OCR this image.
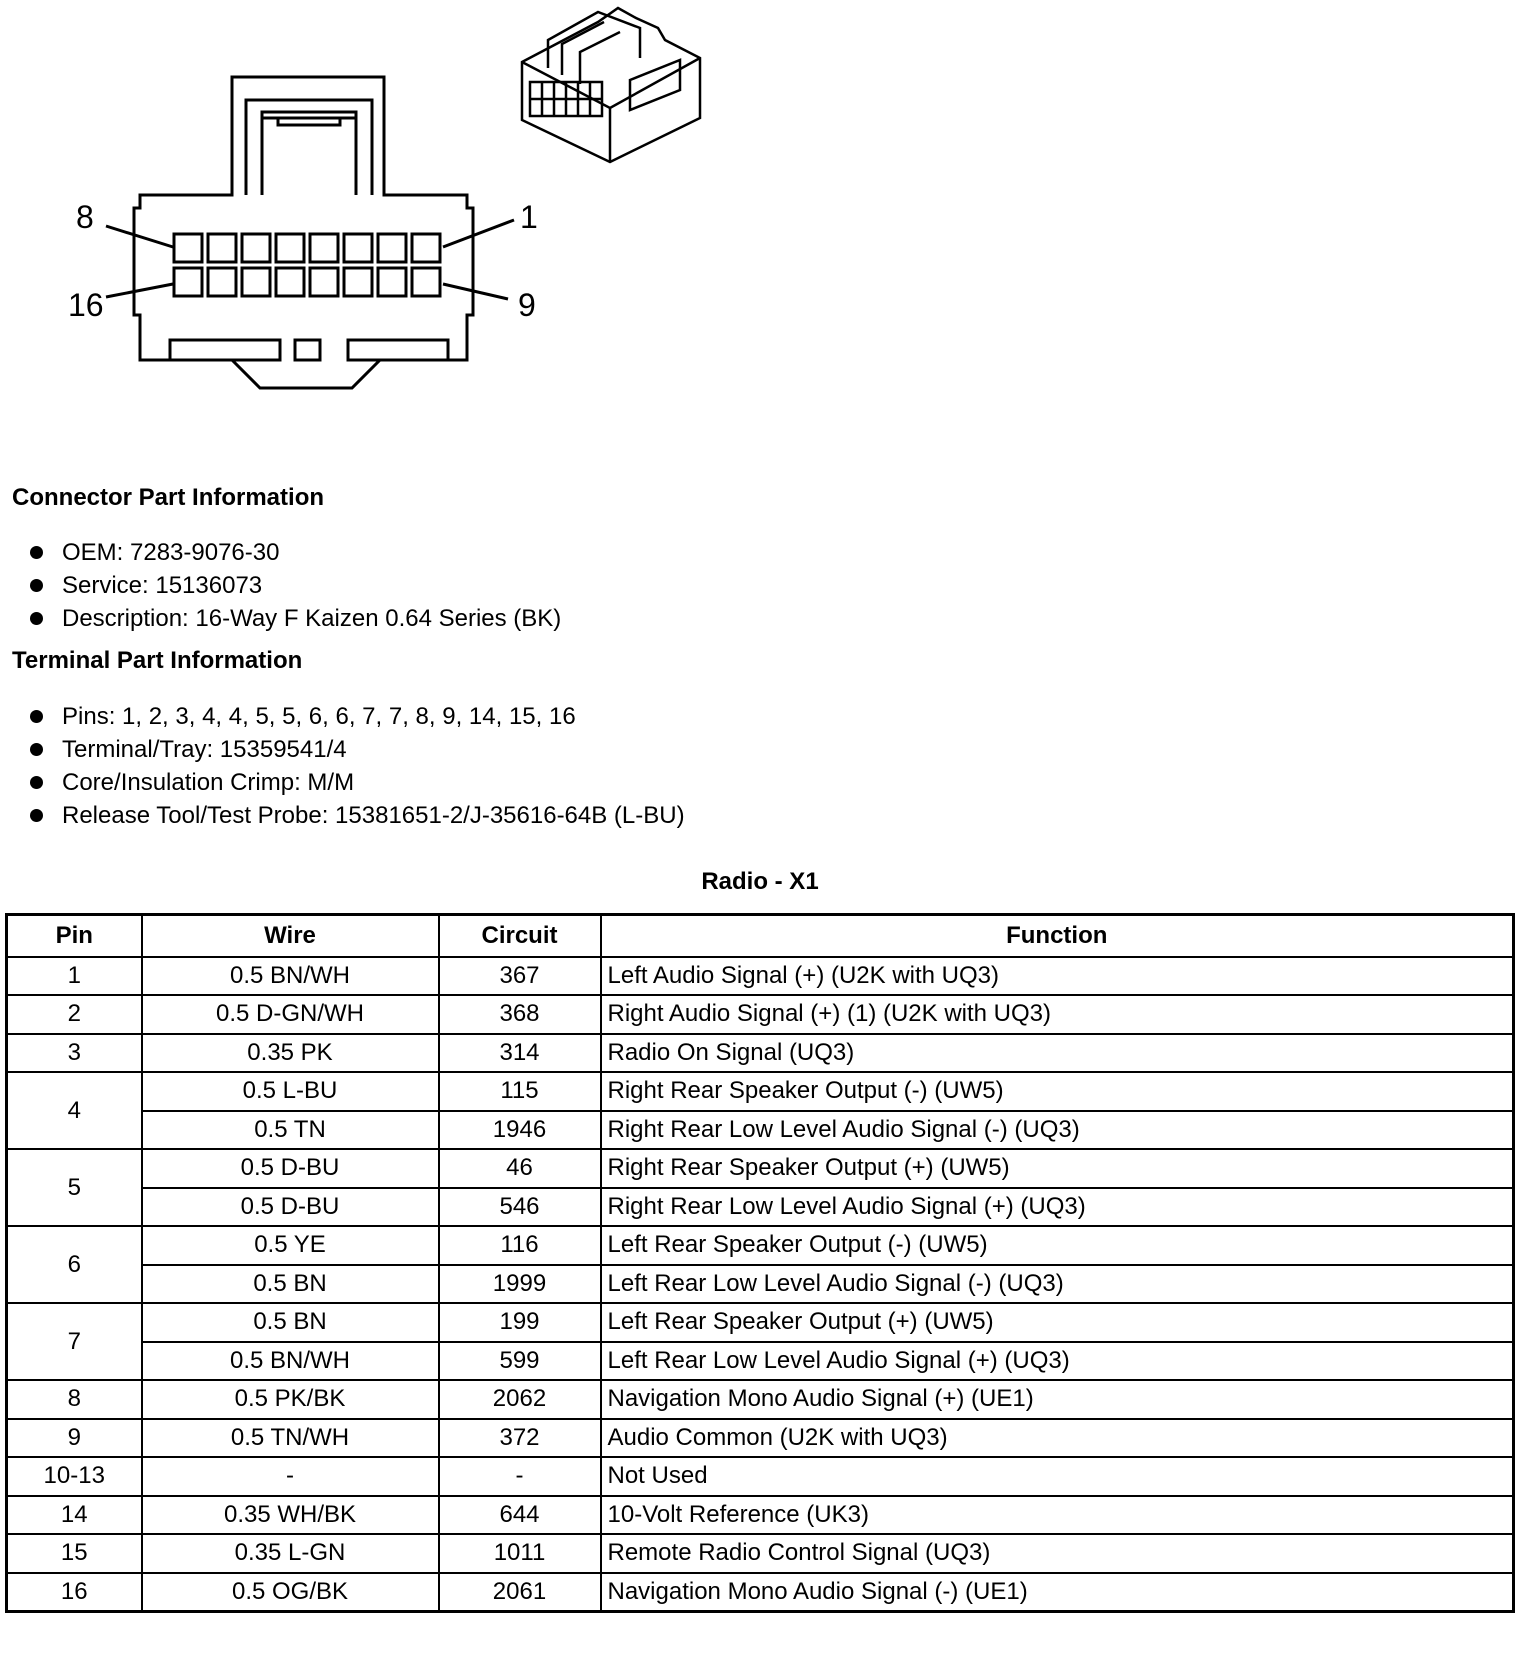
8	1
16	9
Connector Part Information
OEM: 7283-9076-30
Service: 15136073
Description: 16-Way F Kaizen 0.64 Series (BK)
Terminal Part Information
Pins: 1, 2, 3, 4, 4, 5, 5, 6, 6, 7, 7, 8, 9, 14, 15, 16
Terminal/Tray: 15359541/4
Core/Insulation Crimp: M/M
Release Tool/Test Probe: 15381651-2/J-35616-64B (L-BU)
Radio - X1
Pin	Wire	Circuit	Function
1	0.5 BN/WH	367	Left Audio Signal (+) (U2K with UQ3)
2	0.5 D-GN/WH	368	Right Audio Signal (+) (1) (U2K with UQ3)
3	0.35 PK	314	Radio On Signal (UQ3)
4	0.5 L-BU	115	Right Rear Speaker Output (-) (UW5)
	0.5 TN	1946	Right Rear Low Level Audio Signal (-) (UQ3)
5	0.5 D-BU	46	Right Rear Speaker Output (+) (UW5)
	0.5 D-BU	546	Right Rear Low Level Audio Signal (+) (UQ3)
6	0.5 YE	116	Left Rear Speaker Output (-) (UW5)
	0.5 BN	1999	Left Rear Low Level Audio Signal (-) (UQ3)
7	0.5 BN	199	Left Rear Speaker Output (+) (UW5)
	0.5 BN/WH	599	Left Rear Low Level Audio Signal (+) (UQ3)
8	0.5 PK/BK	2062	Navigation Mono Audio Signal (+) (UE1)
9	0.5 TN/WH	372	Audio Common (U2K with UQ3)
10-13	-	-	Not Used
14	0.35 WH/BK	644	10-Volt Reference (UK3)
15	0.35 L-GN	1011	Remote Radio Control Signal (UQ3)
16	0.5 OG/BK	2061	Navigation Mono Audio Signal (-) (UE1)
